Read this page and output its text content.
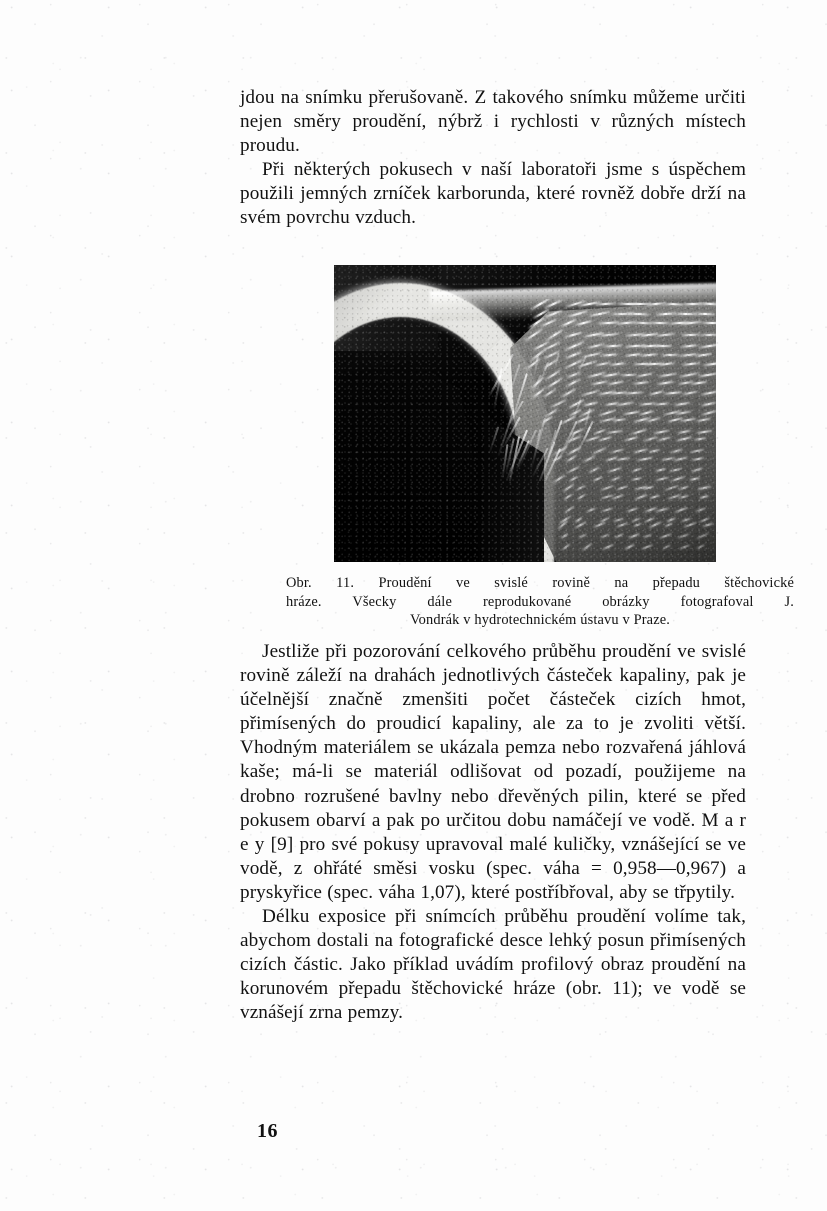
jdou na snímku přerušovaně. Z takového snímku můžeme určiti nejen směry proudění, nýbrž i rychlosti v různých místech proudu.

Při některých pokusech v naší laboratoři jsme s úspěchem použili jemných zrníček karborunda, které rovněž dobře drží na svém povrchu vzduch.

Obr. 11. Proudění ve svislé rovině na přepadu štěchovické
hráze. Všecky dále reprodukované obrázky fotografoval J.
Vondrák v hydrotechnickém ústavu v Praze.

Jestliže při pozorování celkového průběhu proudění ve svislé rovině záleží na drahách jednotlivých částeček kapaliny, pak je účelnější značně zmenšiti počet částeček cizích hmot, přimísených do proudicí kapaliny, ale za to je zvoliti větší. Vhodným materiálem se ukázala pemza nebo rozvařená jáhlová kaše; má-li se materiál odlišovat od pozadí, použijeme na drobno rozrušené bavlny nebo dřevěných pilin, které se před pokusem obarví a pak po určitou dobu namáčejí ve vodě. M a r e y [9] pro své pokusy upravoval malé kuličky, vznášející se ve vodě, z ohřáté směsi vosku (spec. váha = 0,958—0,967) a pryskyřice (spec. váha 1,07), které postříbřoval, aby se třpytily.

Délku exposice při snímcích průběhu proudění volíme tak, abychom dostali na fotografické desce lehký posun přimísených cizích částic. Jako příklad uvádím profilový obraz proudění na korunovém přepadu štěchovické hráze (obr. 11); ve vodě se vznášejí zrna pemzy.

16
